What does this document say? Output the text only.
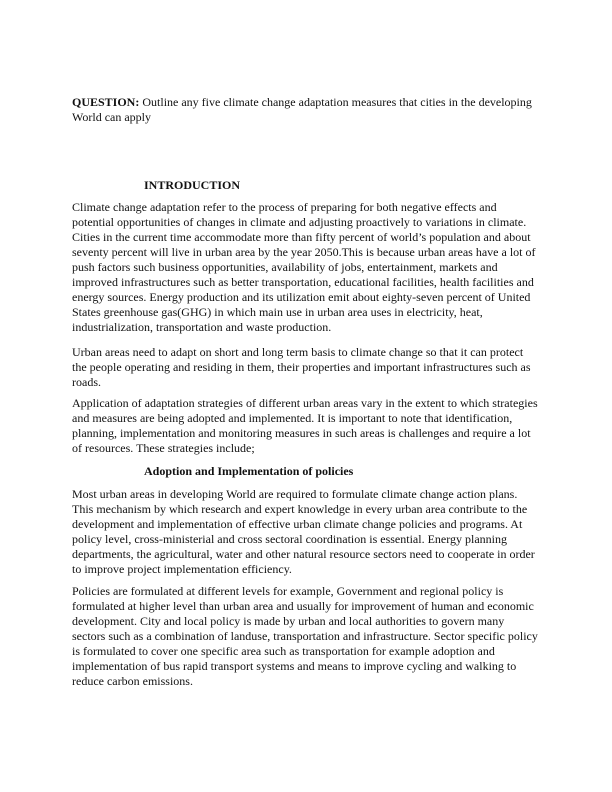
QUESTION: Outline any five climate change adaptation measures that cities in the developing
World can apply
INTRODUCTION
Climate change adaptation refer to the process of preparing for both negative effects and
potential opportunities of changes in climate and adjusting proactively to variations in climate.
Cities in the current time accommodate more than fifty percent of world’s population and about
seventy percent will live in urban area by the year 2050.This is because urban areas have a lot of
push factors such business opportunities, availability of jobs, entertainment, markets and
improved infrastructures such as better transportation, educational facilities, health facilities and
energy sources. Energy production and its utilization emit about eighty-seven percent of United
States greenhouse gas(GHG) in which main use in urban area uses in electricity, heat,
industrialization, transportation and waste production.
Urban areas need to adapt on short and long term basis to climate change so that it can protect
the people operating and residing in them, their properties and important infrastructures such as
roads.
Application of adaptation strategies of different urban areas vary in the extent to which strategies
and measures are being adopted and implemented. It is important to note that identification,
planning, implementation and monitoring measures in such areas is challenges and require a lot
of resources. These strategies include;
Adoption and Implementation of policies
Most urban areas in developing World are required to formulate climate change action plans.
This mechanism by which research and expert knowledge in every urban area contribute to the
development and implementation of effective urban climate change policies and programs. At
policy level, cross-ministerial and cross sectoral coordination is essential. Energy planning
departments, the agricultural, water and other natural resource sectors need to cooperate in order
to improve project implementation efficiency.
Policies are formulated at different levels for example, Government and regional policy is
formulated at higher level than urban area and usually for improvement of human and economic
development. City and local policy is made by urban and local authorities to govern many
sectors such as a combination of landuse, transportation and infrastructure. Sector specific policy
is formulated to cover one specific area such as transportation for example adoption and
implementation of bus rapid transport systems and means to improve cycling and walking to
reduce carbon emissions.
